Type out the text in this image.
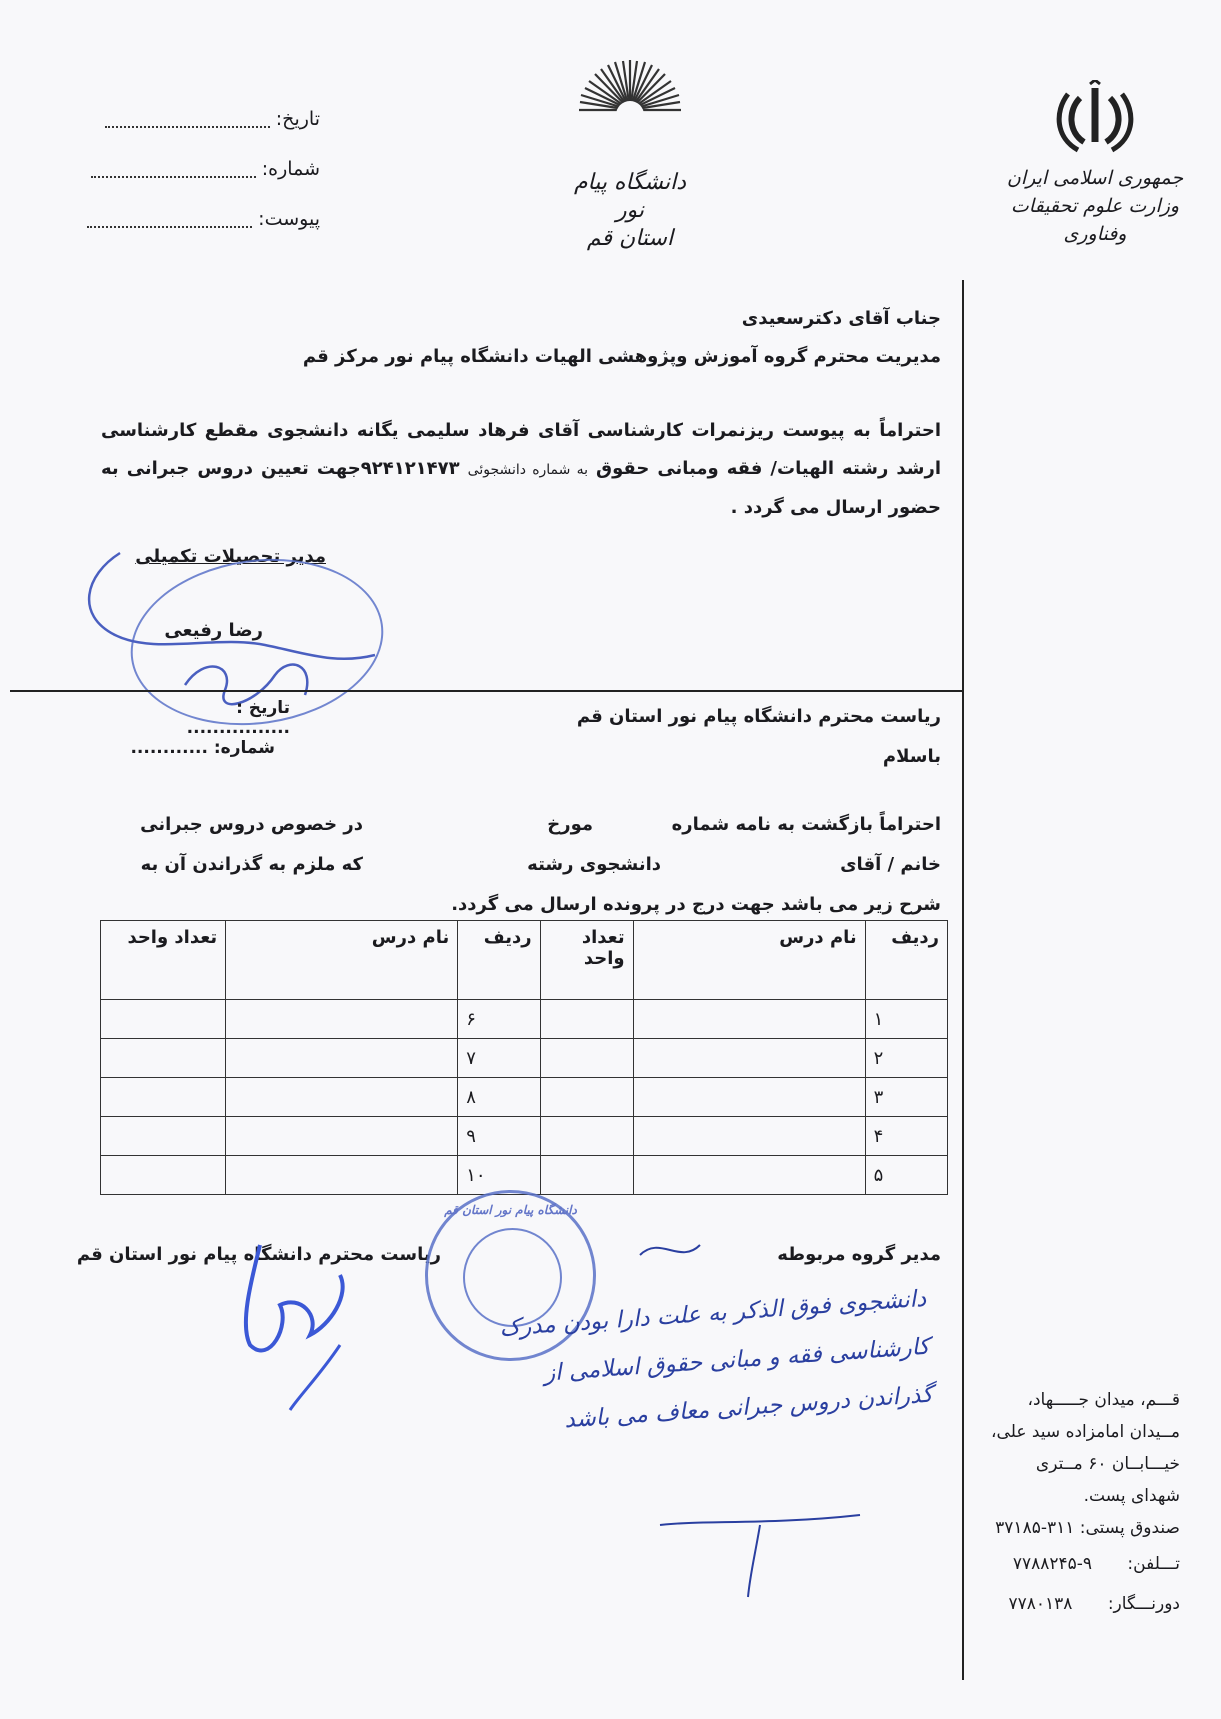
تاریخ:
شماره:
پیوست:
دانشگاه پیام نور
استان قم
جمهوری اسلامی ایران
وزارت علوم تحقیقات وفناوری
جناب آقای دکترسعیدی
مدیریت محترم گروه آموزش وپژوهشی الهیات دانشگاه پیام نور مرکز قم
احتراماً به پیوست ریزنمرات کارشناسی آقای فرهاد سلیمی یگانه دانشجوی مقطع کارشناسی ارشد رشته الهیات/ فقه ومبانی حقوق به شماره دانشجوئی ۹۲۴۱۲۱۴۷۳جهت تعیین دروس جبرانی به حضور ارسال می گردد .
مدیر تحصیلات تکمیلی
رضا رفیعی
تاریخ : ................
شماره: ............
ریاست محترم دانشگاه پیام نور استان قم
باسلام
احتراماً بازگشت به نامه شماره
مورخ
در خصوص دروس جبرانی
خانم / آقای
دانشجوی رشته
که ملزم به گذراندن آن به
شرح زیر می باشد جهت درج در پرونده ارسال می گردد.
ردیف	نام درس	تعداد واحد	ردیف	نام درس	تعداد واحد
۱			۶		
۲			۷		
۳			۸		
۴			۹		
۵			۱۰		
مدیر گروه مربوطه
ریاست محترم دانشگاه پیام نور استان قم
دانشگاه پیام نور استان قم
دانشجوی فوق الذکر به علت دارا بودن مدرک کارشناسی فقه و مبانی حقوق اسلامی از گذراندن دروس جبرانی معاف می باشد	قـــم، میدان جـــــهاد،
مــیدان امامزاده سید علی،
خیـــابــان ۶۰ مــتری
شهدای پست.
صندوق پستی: ۳۱۱-۳۷۱۸۵
تـــلفن: ۹-۷۷۸۸۲۴۵
دورنـــگار: ۷۷۸۰۱۳۸
